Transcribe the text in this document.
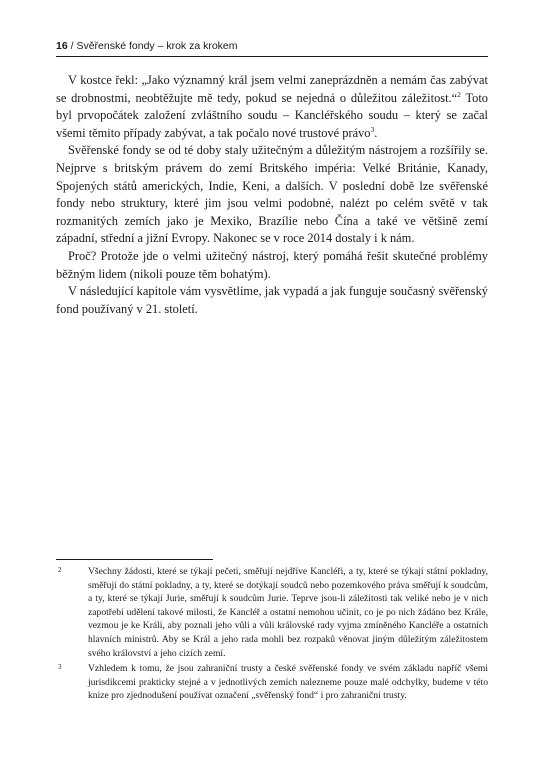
16 / Svěřenské fondy – krok za krokem

V kostce řekl: „Jako významný král jsem velmi zaneprázdněn a nemám čas zabývat se drobnostmi, neobtěžujte mě tedy, pokud se nejedná o důležitou záležitost.“$^2$ Toto byl prvopočátek založení zvláštního soudu – Kancléřského soudu – který se začal všemi těmito případy zabývat, a tak počalo nové trustové právo$^3$.

Svěřenské fondy se od té doby staly užitečným a důležitým nástrojem a rozšířily se. Nejprve s britským právem do zemí Britského impéria: Velké Británie, Kanady, Spojených států amerických, Indie, Keni, a dalších. V poslední době lze svěřenské fondy nebo struktury, které jim jsou velmi podobné, nalézt po celém světě v tak rozmanitých zemích jako je Mexiko, Brazílie nebo Čína a také ve většině zemí západní, střední a jižní Evropy. Nakonec se v roce 2014 dostaly i k nám.

Proč? Protože jde o velmi užitečný nástroj, který pomáhá řešit skutečné problémy běžným lidem (nikoli pouze těm bohatým).

V následující kapitole vám vysvětlíme, jak vypadá a jak funguje současný svěřenský fond používaný v 21. století.

2	Všechny žádosti, které se týkají pečeti, směřují nejdříve Kancléři, a ty, které se týkají státní pokladny, směřují do státní pokladny, a ty, které se dotýkají soudců nebo pozemkového práva směřují k soudcům, a ty, které se týkají Jurie, směřují k soudcům Jurie. Teprve jsou-li záležitosti tak veliké nebo je v nich zapotřebí udělení takové milosti, že Kancléř a ostatní nemohou učinit, co je po nich žádáno bez Krále, vezmou je ke Králi, aby poznali jeho vůli a vůli královské rady vyjma zmíněného Kancléře a ostatních hlavních ministrů. Aby se Král a jeho rada mohli bez rozpaků věnovat jiným důležitým záležitostem svého království a jeho cizích zemí.
3	Vzhledem k tomu, že jsou zahraniční trusty a české svěřenské fondy ve svém základu napříč všemi jurisdikcemi prakticky stejné a v jednotlivých zemích nalezneme pouze malé odchylky, budeme v této knize pro zjednodušení používat označení „svěřenský fond“ i pro zahraniční trusty.
